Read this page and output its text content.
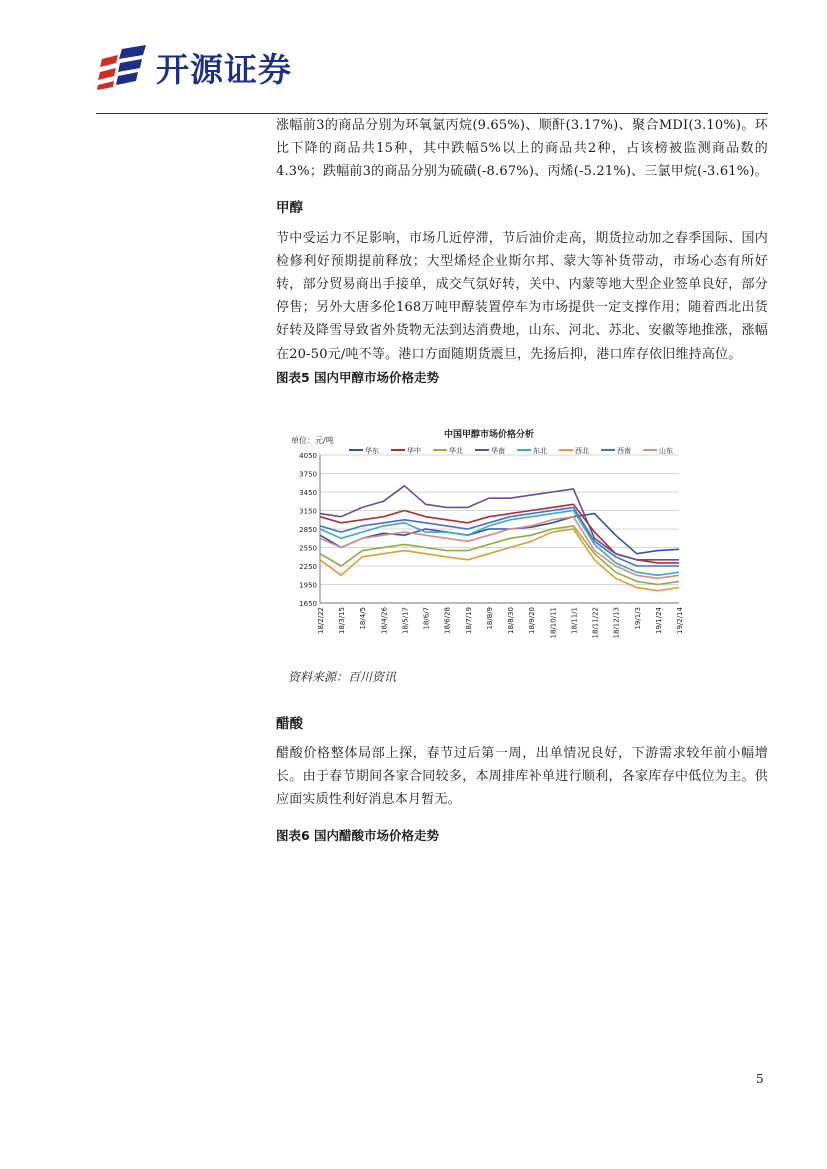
开源证券

涨幅前3的商品分别为环氧氯丙烷(9.65%)、顺酐(3.17%)、聚合MDI(3.10%)。环比下降的商品共15种，其中跌幅5%以上的商品共2种，占该榜被监测商品数的4.3%；跌幅前3的商品分别为硫磺(-8.67%)、丙烯(-5.21%)、三氯甲烷(-3.61%)。

甲醇

节中受运力不足影响，市场几近停滞，节后油价走高，期货拉动加之春季国际、国内检修利好预期提前释放；大型烯烃企业斯尔邦、蒙大等补货带动，市场心态有所好转，部分贸易商出手接单，成交气氛好转，关中、内蒙等地大型企业签单良好，部分停售；另外大唐多伦168万吨甲醇装置停车为市场提供一定支撑作用；随着西北出货好转及降雪导致省外货物无法到达消费地，山东、河北、苏北、安徽等地推涨，涨幅在20-50元/吨不等。港口方面随期货震旦，先扬后抑，港口库存依旧维持高位。

图表5 国内甲醇市场价格走势

中国甲醇市场价格分析
单位：元/吨
华东	华中	华北	华南	东北	西北	西南	山东
4050
3750
3450
3150
2850
2550
2250
1950
1650
18/2/22 18/3/15 18/4/5 18/4/26 18/5/17 18/6/7 18/6/28 18/7/19 18/8/9 18/8/30 18/9/20 18/10/11 18/11/1 18/11/22 18/12/13 19/1/3 19/1/24 19/2/14

资料来源：百川资讯

醋酸

醋酸价格整体局部上探，春节过后第一周，出单情况良好，下游需求较年前小幅增长。由于春节期间各家合同较多，本周排库补单进行顺利，各家库存中低位为主。供应面实质性利好消息本月暂无。

图表6 国内醋酸市场价格走势

5
